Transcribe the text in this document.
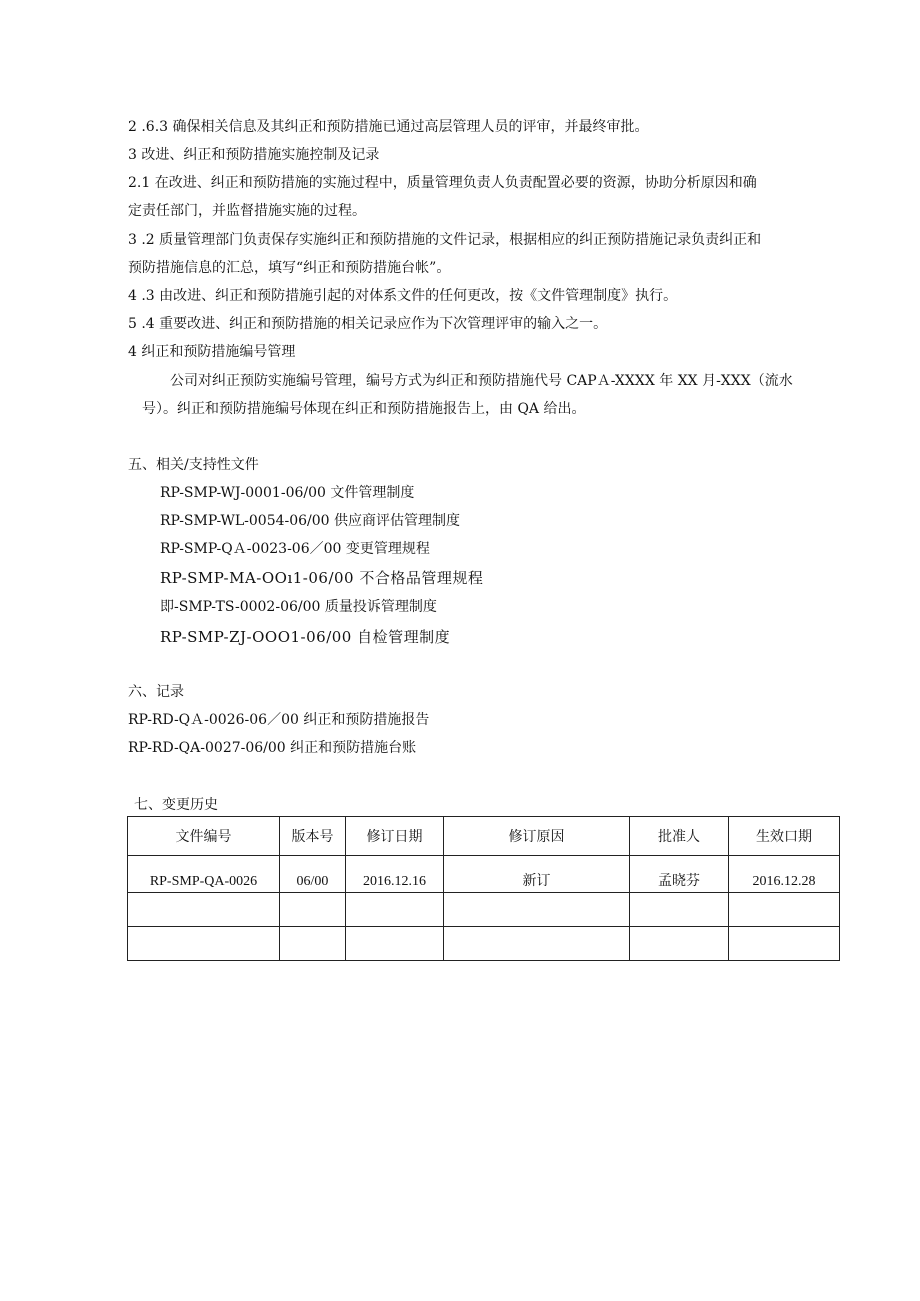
2 .6.3 确保相关信息及其纠正和预防措施已通过高层管理人员的评审，并最终审批。
3 改进、纠正和预防措施实施控制及记录
2.1 在改进、纠正和预防措施的实施过程中，质量管理负责人负责配置必要的资源，协助分析原因和确
定责任部门，并监督措施实施的过程。
3 .2 质量管理部门负责保存实施纠正和预防措施的文件记录，根据相应的纠正预防措施记录负责纠正和
预防措施信息的汇总，填写“纠正和预防措施台帐”。
4 .3 由改进、纠正和预防措施引起的对体系文件的任何更改，按《文件管理制度》执行。
5 .4 重要改进、纠正和预防措施的相关记录应作为下次管理评审的输入之一。
4 纠正和预防措施编号管理
公司对纠正预防实施编号管理，编号方式为纠正和预防措施代号 CAPＡ-XXXX 年 XX 月-XXX（流水
号）。纠正和预防措施编号体现在纠正和预防措施报告上，由 QA 给出。
五、相关/支持性文件
RP-SMP-WJ-0001-06/00 文件管理制度
RP-SMP-WL-0054-06/00 供应商评估管理制度
RP-SMP-QＡ-0023-06／00 变更管理规程
RP-SMP-MA-OOı1-06/00 不合格品管理规程
即-SMP-TS-0002-06/00 质量投诉管理制度
RP-SMP-ZJ-OOO1-06/00 自检管理制度
六、记录
RP-RD-QＡ-0026-06／00 纠正和预防措施报告
RP-RD-QA-0027-06/00 纠正和预防措施台账
七、变更历史
文件编号	版本号	修订日期	修订原因	批准人	生效口期
RP-SMP-QA-0026	06/00	2016.12.16	新订	孟晓芬	2016.12.28
